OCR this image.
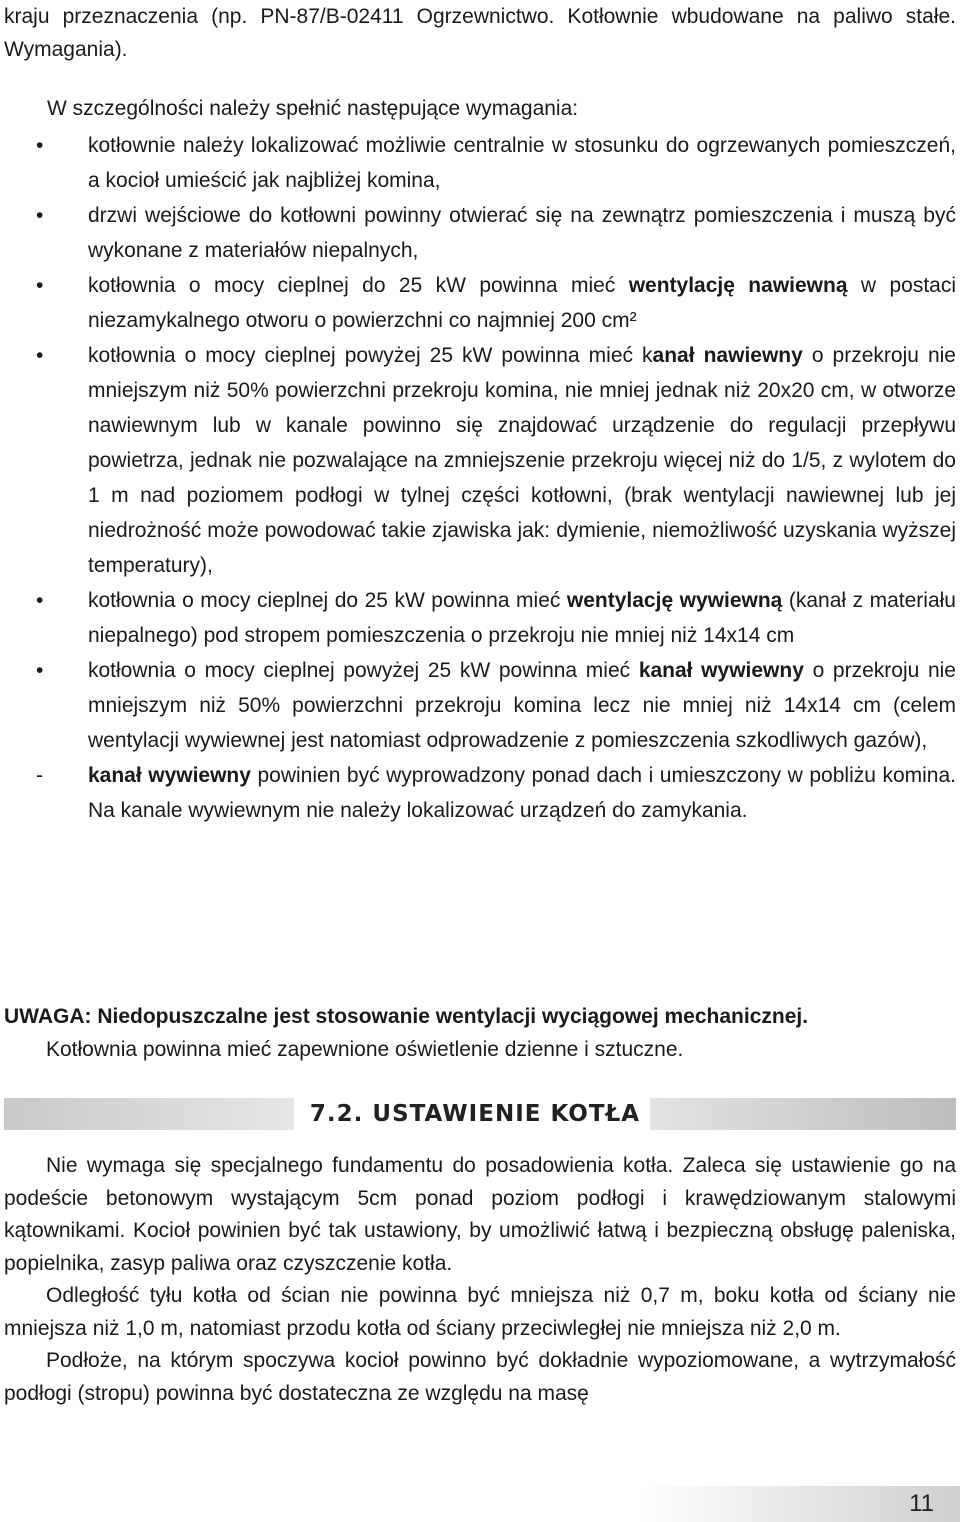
kraju przeznaczenia (np. PN-87/B-02411 Ogrzewnictwo. Kotłownie wbudowane na paliwo stałe. Wymagania).

W szczególności należy spełnić następujące wymagania:

•	kotłownie należy lokalizować możliwie centralnie w stosunku do ogrzewanych pomieszczeń, a kocioł umieścić jak najbliżej komina,
•	drzwi wejściowe do kotłowni powinny otwierać się na zewnątrz pomieszczenia i muszą być wykonane z materiałów niepalnych,
•	kotłownia o mocy cieplnej do 25 kW powinna mieć wentylację nawiewną w postaci niezamykalnego otworu o powierzchni co najmniej 200 cm²
•	kotłownia o mocy cieplnej powyżej 25 kW powinna mieć kanał nawiewny o przekroju nie mniejszym niż 50% powierzchni przekroju komina, nie mniej jednak niż 20x20 cm, w otworze nawiewnym lub w kanale powinno się znajdować urządzenie do regulacji przepływu powietrza, jednak nie pozwalające na zmniejszenie przekroju więcej niż do 1/5, z wylotem do 1 m nad poziomem podłogi w tylnej części kotłowni, (brak wentylacji nawiewnej lub jej niedrożność może powodować takie zjawiska jak: dymienie, niemożliwość uzyskania wyższej temperatury),
•	kotłownia o mocy cieplnej do 25 kW powinna mieć wentylację wywiewną (kanał z materiału niepalnego) pod stropem pomieszczenia o przekroju nie mniej niż 14x14 cm
•	kotłownia o mocy cieplnej powyżej 25 kW powinna mieć kanał wywiewny o przekroju nie mniejszym niż 50% powierzchni przekroju komina lecz nie mniej niż 14x14 cm (celem wentylacji wywiewnej jest natomiast odprowadzenie z pomieszczenia szkodliwych gazów),
-	kanał wywiewny powinien być wyprowadzony ponad dach i umieszczony w pobliżu komina. Na kanale wywiewnym nie należy lokalizować urządzeń do zamykania.
UWAGA: Niedopuszczalne jest stosowanie wentylacji wyciągowej mechanicznej.
Kotłownia powinna mieć zapewnione oświetlenie dzienne i sztuczne.
7.2. USTAWIENIE KOTŁA

Nie wymaga się specjalnego fundamentu do posadowienia kotła. Zaleca się ustawienie go na podeście betonowym wystającym 5cm ponad poziom podłogi i krawędziowanym stalowymi kątownikami. Kocioł powinien być tak ustawiony, by umożliwić łatwą i bezpieczną obsługę paleniska, popielnika, zasyp paliwa oraz czyszczenie kotła.

Odległość tyłu kotła od ścian nie powinna być mniejsza niż 0,7 m, boku kotła od ściany nie mniejsza niż 1,0 m, natomiast przodu kotła od ściany przeciwległej nie mniejsza niż 2,0 m.

Podłoże, na którym spoczywa kocioł powinno być dokładnie wypoziomowane, a wytrzymałość podłogi (stropu) powinna być dostateczna ze względu na masę

11
